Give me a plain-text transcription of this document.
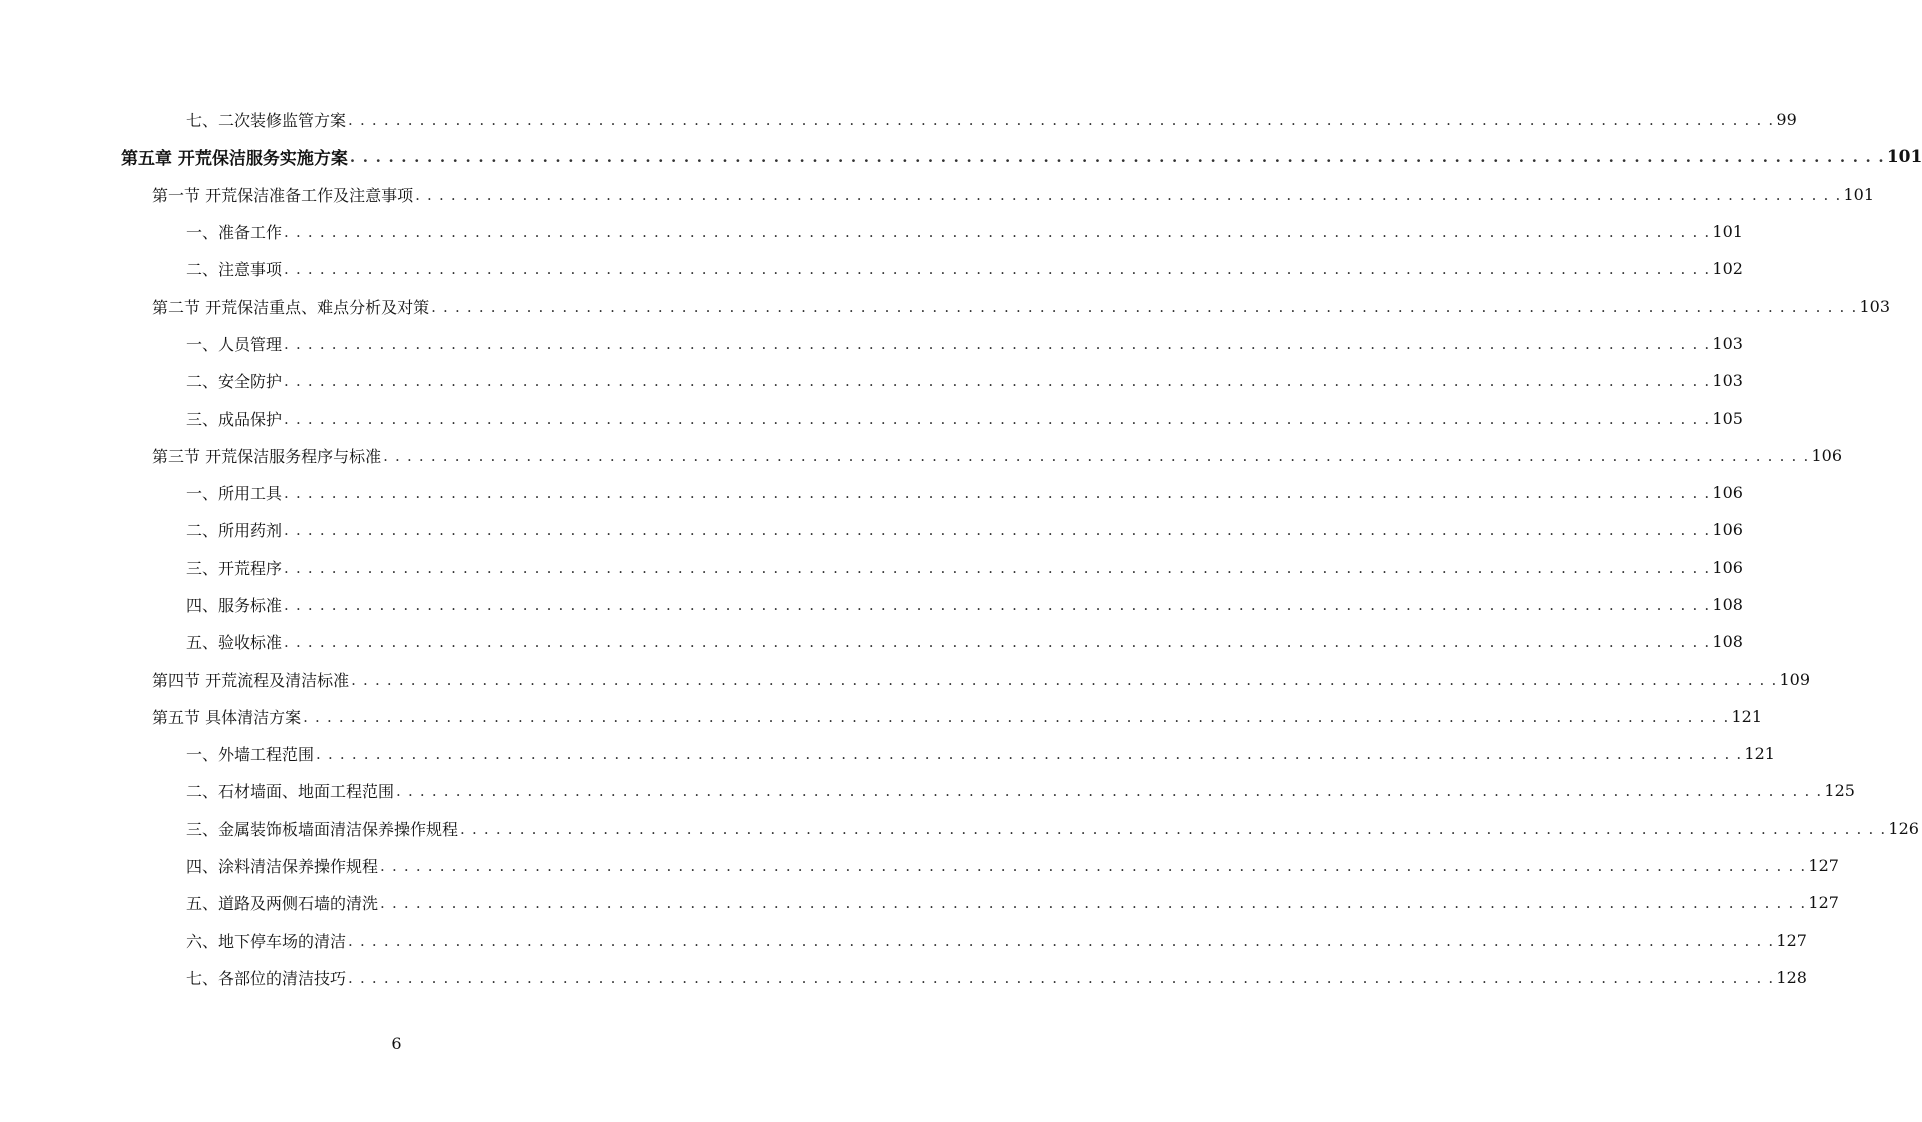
七、二次装修监管方案 . . . . . . . . . . . . . . . . . . . . . . . . . . . . . . . . . . . . . . . . . . . . . . . . . . . . . . . . . . . . . . . . . . . . . . . . . . . . . . . . . . . . . . . . . . . . . . . . . . . . . . . . . . . . . . . . . . . . . . . . 99
第五章 开荒保洁服务实施方案 . . . . . . . . . . . . . . . . . . . . . . . . . . . . . . . . . . . . . . . . . . . . . . . . . . . . . . . . . . . . . . . . . . . . . . . . . . . . . . . . . . . . . . . . . . . . . . . . . . . . . . . . . . . . . . . . . . . . . . . . 101
第一节 开荒保洁准备工作及注意事项 . . . . . . . . . . . . . . . . . . . . . . . . . . . . . . . . . . . . . . . . . . . . . . . . . . . . . . . . . . . . . . . . . . . . . . . . . . . . . . . . . . . . . . . . . . . . . . . . . . . . . . . . . . . . . . . . . . . . . . . . 101
一、准备工作 . . . . . . . . . . . . . . . . . . . . . . . . . . . . . . . . . . . . . . . . . . . . . . . . . . . . . . . . . . . . . . . . . . . . . . . . . . . . . . . . . . . . . . . . . . . . . . . . . . . . . . . . . . . . . . . . . . . . . . . . 101
二、注意事项 . . . . . . . . . . . . . . . . . . . . . . . . . . . . . . . . . . . . . . . . . . . . . . . . . . . . . . . . . . . . . . . . . . . . . . . . . . . . . . . . . . . . . . . . . . . . . . . . . . . . . . . . . . . . . . . . . . . . . . . . 102
第二节 开荒保洁重点、难点分析及对策 . . . . . . . . . . . . . . . . . . . . . . . . . . . . . . . . . . . . . . . . . . . . . . . . . . . . . . . . . . . . . . . . . . . . . . . . . . . . . . . . . . . . . . . . . . . . . . . . . . . . . . . . . . . . . . . . . . . . . . . . 103
一、人员管理 . . . . . . . . . . . . . . . . . . . . . . . . . . . . . . . . . . . . . . . . . . . . . . . . . . . . . . . . . . . . . . . . . . . . . . . . . . . . . . . . . . . . . . . . . . . . . . . . . . . . . . . . . . . . . . . . . . . . . . . . 103
二、安全防护 . . . . . . . . . . . . . . . . . . . . . . . . . . . . . . . . . . . . . . . . . . . . . . . . . . . . . . . . . . . . . . . . . . . . . . . . . . . . . . . . . . . . . . . . . . . . . . . . . . . . . . . . . . . . . . . . . . . . . . . . 103
三、成品保护 . . . . . . . . . . . . . . . . . . . . . . . . . . . . . . . . . . . . . . . . . . . . . . . . . . . . . . . . . . . . . . . . . . . . . . . . . . . . . . . . . . . . . . . . . . . . . . . . . . . . . . . . . . . . . . . . . . . . . . . . 105
第三节 开荒保洁服务程序与标准 . . . . . . . . . . . . . . . . . . . . . . . . . . . . . . . . . . . . . . . . . . . . . . . . . . . . . . . . . . . . . . . . . . . . . . . . . . . . . . . . . . . . . . . . . . . . . . . . . . . . . . . . . . . . . . . . . . . . . . . . 106
一、所用工具 . . . . . . . . . . . . . . . . . . . . . . . . . . . . . . . . . . . . . . . . . . . . . . . . . . . . . . . . . . . . . . . . . . . . . . . . . . . . . . . . . . . . . . . . . . . . . . . . . . . . . . . . . . . . . . . . . . . . . . . . 106
二、所用药剂 . . . . . . . . . . . . . . . . . . . . . . . . . . . . . . . . . . . . . . . . . . . . . . . . . . . . . . . . . . . . . . . . . . . . . . . . . . . . . . . . . . . . . . . . . . . . . . . . . . . . . . . . . . . . . . . . . . . . . . . . 106
三、开荒程序 . . . . . . . . . . . . . . . . . . . . . . . . . . . . . . . . . . . . . . . . . . . . . . . . . . . . . . . . . . . . . . . . . . . . . . . . . . . . . . . . . . . . . . . . . . . . . . . . . . . . . . . . . . . . . . . . . . . . . . . . 106
四、服务标准 . . . . . . . . . . . . . . . . . . . . . . . . . . . . . . . . . . . . . . . . . . . . . . . . . . . . . . . . . . . . . . . . . . . . . . . . . . . . . . . . . . . . . . . . . . . . . . . . . . . . . . . . . . . . . . . . . . . . . . . . 108
五、验收标准 . . . . . . . . . . . . . . . . . . . . . . . . . . . . . . . . . . . . . . . . . . . . . . . . . . . . . . . . . . . . . . . . . . . . . . . . . . . . . . . . . . . . . . . . . . . . . . . . . . . . . . . . . . . . . . . . . . . . . . . . 108
第四节 开荒流程及清洁标准 . . . . . . . . . . . . . . . . . . . . . . . . . . . . . . . . . . . . . . . . . . . . . . . . . . . . . . . . . . . . . . . . . . . . . . . . . . . . . . . . . . . . . . . . . . . . . . . . . . . . . . . . . . . . . . . . . . . . . . . . 109
第五节 具体清洁方案 . . . . . . . . . . . . . . . . . . . . . . . . . . . . . . . . . . . . . . . . . . . . . . . . . . . . . . . . . . . . . . . . . . . . . . . . . . . . . . . . . . . . . . . . . . . . . . . . . . . . . . . . . . . . . . . . . . . . . . . . 121
一、外墙工程范围 . . . . . . . . . . . . . . . . . . . . . . . . . . . . . . . . . . . . . . . . . . . . . . . . . . . . . . . . . . . . . . . . . . . . . . . . . . . . . . . . . . . . . . . . . . . . . . . . . . . . . . . . . . . . . . . . . . . . . . . . 121
二、石材墙面、地面工程范围 . . . . . . . . . . . . . . . . . . . . . . . . . . . . . . . . . . . . . . . . . . . . . . . . . . . . . . . . . . . . . . . . . . . . . . . . . . . . . . . . . . . . . . . . . . . . . . . . . . . . . . . . . . . . . . . . . . . . . . . . 125
三、金属装饰板墙面清洁保养操作规程 . . . . . . . . . . . . . . . . . . . . . . . . . . . . . . . . . . . . . . . . . . . . . . . . . . . . . . . . . . . . . . . . . . . . . . . . . . . . . . . . . . . . . . . . . . . . . . . . . . . . . . . . . . . . . . . . . . . . . . . . 126
四、涂料清洁保养操作规程 . . . . . . . . . . . . . . . . . . . . . . . . . . . . . . . . . . . . . . . . . . . . . . . . . . . . . . . . . . . . . . . . . . . . . . . . . . . . . . . . . . . . . . . . . . . . . . . . . . . . . . . . . . . . . . . . . . . . . . . . 127
五、道路及两侧石墙的清洗 . . . . . . . . . . . . . . . . . . . . . . . . . . . . . . . . . . . . . . . . . . . . . . . . . . . . . . . . . . . . . . . . . . . . . . . . . . . . . . . . . . . . . . . . . . . . . . . . . . . . . . . . . . . . . . . . . . . . . . . . 127
六、地下停车场的清洁 . . . . . . . . . . . . . . . . . . . . . . . . . . . . . . . . . . . . . . . . . . . . . . . . . . . . . . . . . . . . . . . . . . . . . . . . . . . . . . . . . . . . . . . . . . . . . . . . . . . . . . . . . . . . . . . . . . . . . . . . 127
七、各部位的清洁技巧 . . . . . . . . . . . . . . . . . . . . . . . . . . . . . . . . . . . . . . . . . . . . . . . . . . . . . . . . . . . . . . . . . . . . . . . . . . . . . . . . . . . . . . . . . . . . . . . . . . . . . . . . . . . . . . . . . . . . . . . . 128
6
